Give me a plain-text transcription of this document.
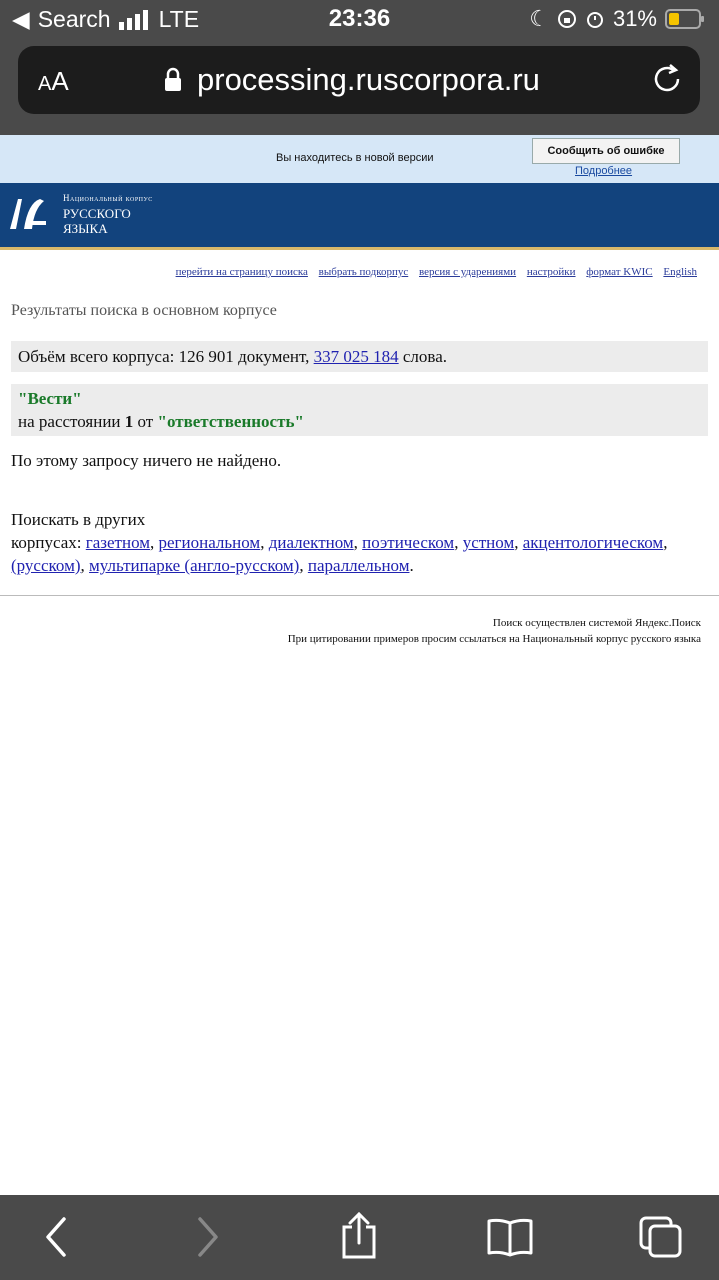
◀ Search LTE	23:36	☾	31%
AA	processing.ruscorpora.ru
Вы находитесь в новой версии
Сообщить об ошибке
Подробнее
Национальный корпус
РУССКОГО
ЯЗЫКА
перейти на страницу поиска выбрать подкорпус версия с ударениями настройки формат KWIC English
Результаты поиска в основном корпусе
Объём всего корпуса: 126 901 документ, 337 025 184 слова.
"Вести"
на расстоянии 1 от "ответственность"
По этому запросу ничего не найдено.
Поискать в других
корпусах: газетном, региональном, диалектном, поэтическом, устном, акцентологическом,
(русском), мультипарке (англо-русском), параллельном.
Поиск осуществлен системой Яндекс.Поиск
При цитировании примеров просим ссылаться на Национальный корпус русского языка
